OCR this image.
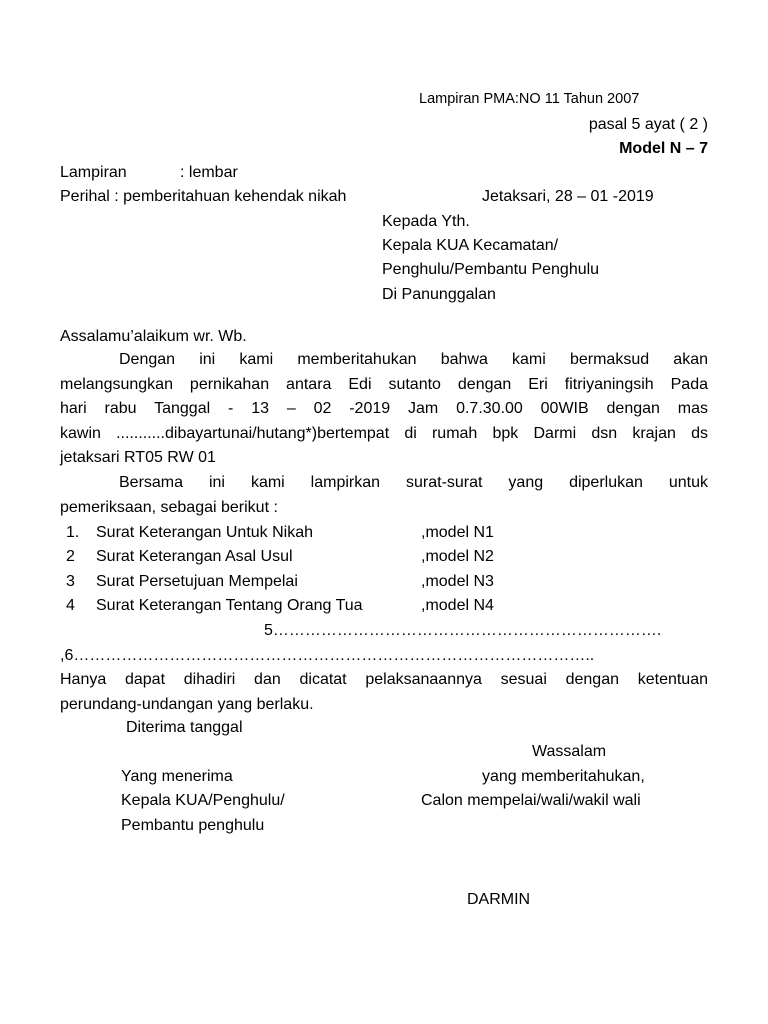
Lampiran PMA:NO 11 Tahun 2007
pasal 5 ayat ( 2 )
Model N – 7
Lampiran	: lembar
Perihal : pemberitahuan kehendak nikah	Jetaksari, 28 – 01 -2019
Kepada Yth.
Kepala KUA Kecamatan/
Penghulu/Pembantu Penghulu
Di Panunggalan
Assalamu’alaikum wr. Wb.

Dengan ini kami memberitahukan bahwa kami bermaksud akan

melangsungkan pernikahan antara Edi sutanto dengan Eri fitriyaningsih Pada

hari rabu Tanggal - 13 – 02 -2019 Jam 0.7.30.00 00WIB dengan mas

kawin ...........dibayartunai/hutang*)bertempat di rumah bpk Darmi dsn krajan ds

jetaksari RT05 RW 01

Bersama ini kami lampirkan surat-surat yang diperlukan untuk

pemeriksaan, sebagai berikut :

1. Surat Keterangan Untuk Nikah	,model N1
2 Surat Keterangan Asal Usul	,model N2
3 Surat Persetujuan Mempelai	,model N3
4 Surat Keterangan Tentang Orang Tua	,model N4
5……………………………………………………………….
,6……………………………………………………………………………………..

Hanya dapat dihadiri dan dicatat pelaksanaannya sesuai dengan ketentuan

perundang-undangan yang berlaku.

Diterima tanggal
Wassalam
Yang menerima	yang memberitahukan,
Kepala KUA/Penghulu/	Calon mempelai/wali/wakil wali
Pembantu penghulu
DARMIN
